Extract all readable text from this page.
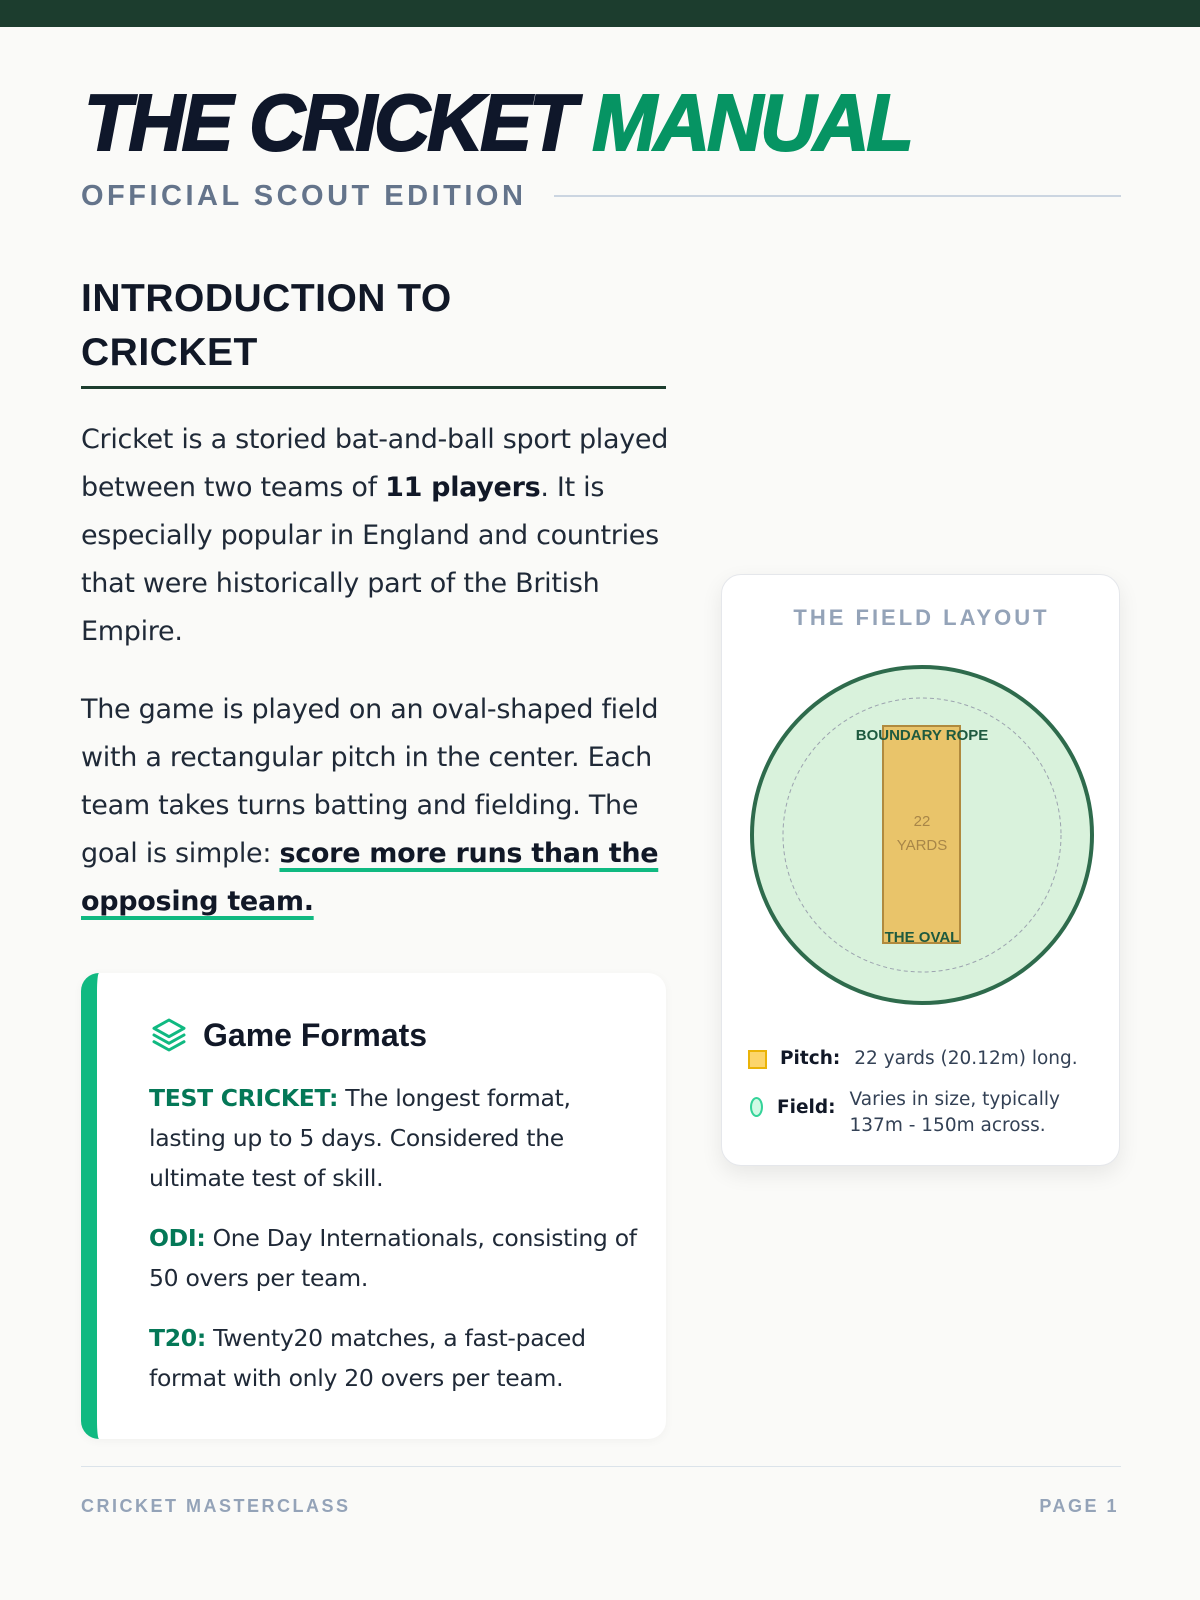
THE CRICKET MANUAL
OFFICIAL SCOUT EDITION
INTRODUCTION TO
CRICKET

Cricket is a storied bat-and-ball sport played between two teams of 11 players. It is especially popular in England and countries that were historically part of the British Empire.

The game is played on an oval-shaped field with a rectangular pitch in the center. Each team takes turns batting and fielding. The goal is simple: score more runs than the opposing team.

Game Formats

TEST CRICKET: The longest format, lasting up to 5 days. Considered the ultimate test of skill.

ODI: One Day Internationals, consisting of 50 overs per team.

T20: Twenty20 matches, a fast-paced format with only 20 overs per team.

THE FIELD LAYOUT
BOUNDARY ROPE
22
YARDS
THE OVAL
Pitch: 22 yards (20.12m) long.
Field: Varies in size, typically 137m - 150m across.
CRICKET MASTERCLASS	PAGE 1
